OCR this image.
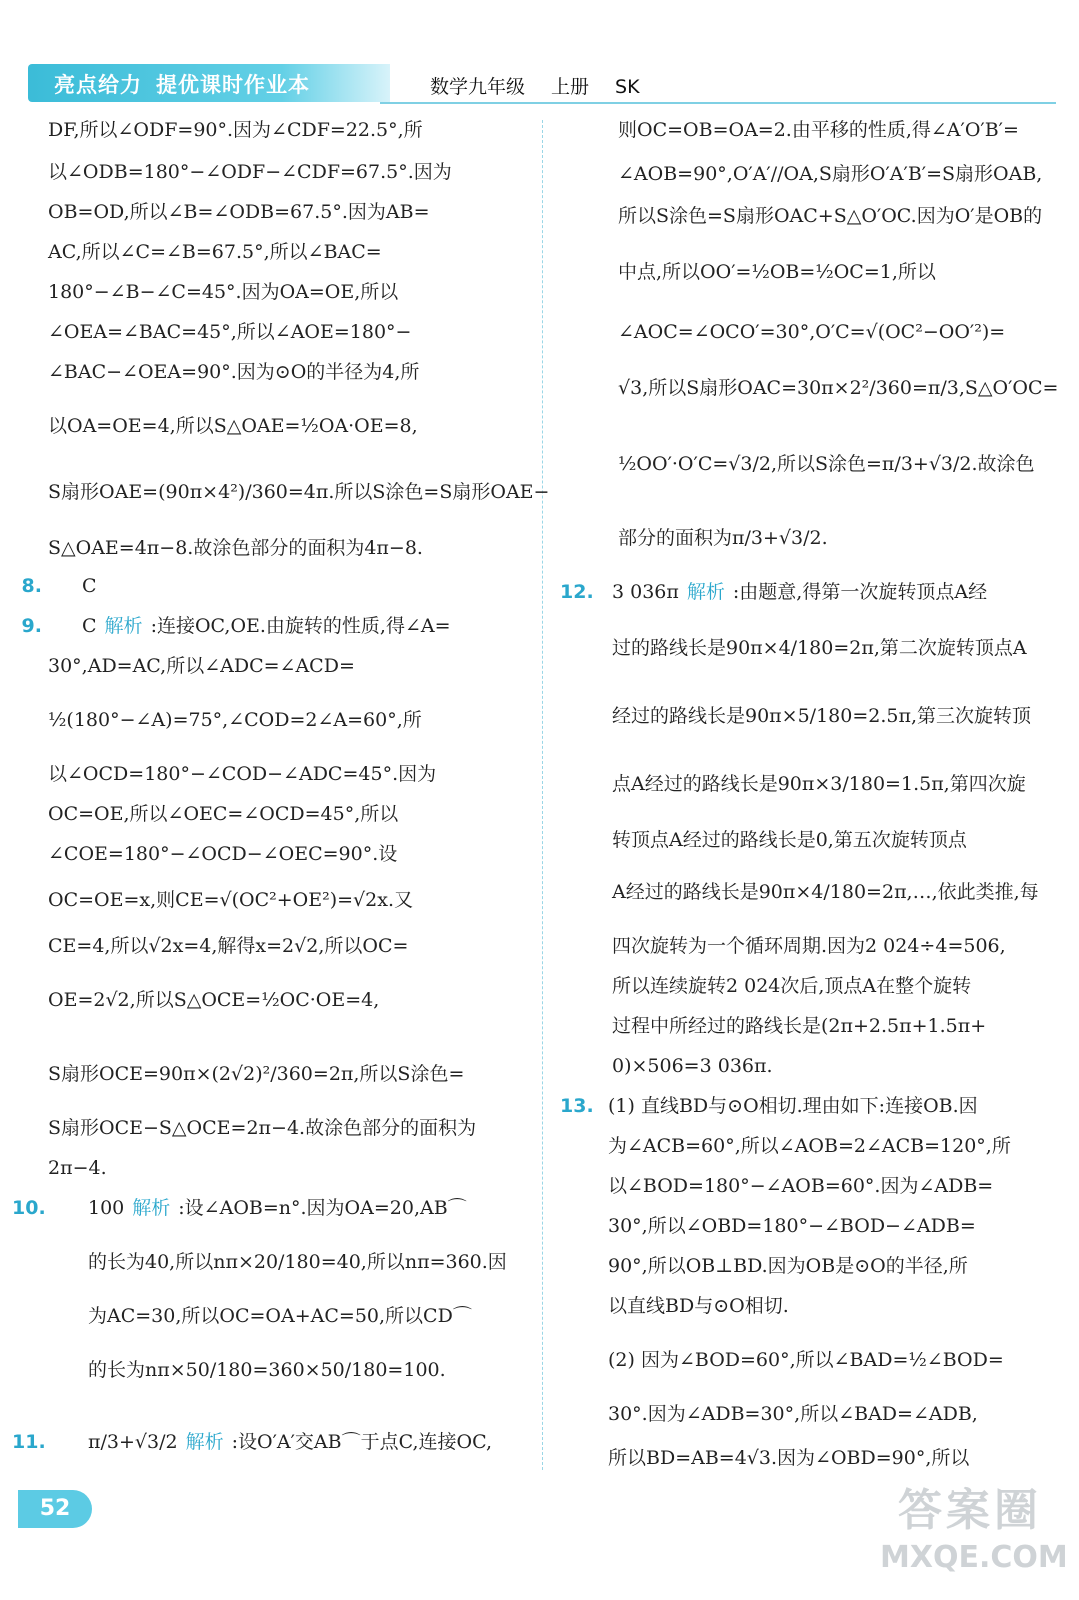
亮点给力 提优课时作业本	数学九年级 上册 SK
DF,所以∠ODF=90°.因为∠CDF=22.5°,所
以∠ODB=180°−∠ODF−∠CDF=67.5°.因为
OB=OD,所以∠B=∠ODB=67.5°.因为AB=
AC,所以∠C=∠B=67.5°,所以∠BAC=
180°−∠B−∠C=45°.因为OA=OE,所以
∠OEA=∠BAC=45°,所以∠AOE=180°−
∠BAC−∠OEA=90°.因为⊙O的半径为4,所
以OA=OE=4,所以S△OAE=½OA·OE=8,
S扇形OAE=(90π×4²)/360=4π.所以S涂色=S扇形OAE−
S△OAE=4π−8.故涂色部分的面积为4π−8.
8. C
9. C 解析 :连接OC,OE.由旋转的性质,得∠A=
30°,AD=AC,所以∠ADC=∠ACD=
½(180°−∠A)=75°,∠COD=2∠A=60°,所
以∠OCD=180°−∠COD−∠ADC=45°.因为
OC=OE,所以∠OEC=∠OCD=45°,所以
∠COE=180°−∠OCD−∠OEC=90°.设
OC=OE=x,则CE=√(OC²+OE²)=√2x.又
CE=4,所以√2x=4,解得x=2√2,所以OC=
OE=2√2,所以S△OCE=½OC·OE=4,
S扇形OCE=90π×(2√2)²/360=2π,所以S涂色=
S扇形OCE−S△OCE=2π−4.故涂色部分的面积为
2π−4.
10. 100 解析 :设∠AOB=n°.因为OA=20,AB⌒
的长为40,所以nπ×20/180=40,所以nπ=360.因
为AC=30,所以OC=OA+AC=50,所以CD⌒
的长为nπ×50/180=360×50/180=100.
11. π/3+√3/2 解析 :设O′A′交AB⌒于点C,连接OC,
则OC=OB=OA=2.由平移的性质,得∠A′O′B′=
∠AOB=90°,O′A′//OA,S扇形O′A′B′=S扇形OAB,
所以S涂色=S扇形OAC+S△O′OC.因为O′是OB的
中点,所以OO′=½OB=½OC=1,所以
∠AOC=∠OCO′=30°,O′C=√(OC²−OO′²)=
√3,所以S扇形OAC=30π×2²/360=π/3,S△O′OC=
½OO′·O′C=√3/2,所以S涂色=π/3+√3/2.故涂色
部分的面积为π/3+√3/2.
12. 3 036π 解析 :由题意,得第一次旋转顶点A经
过的路线长是90π×4/180=2π,第二次旋转顶点A
经过的路线长是90π×5/180=2.5π,第三次旋转顶
点A经过的路线长是90π×3/180=1.5π,第四次旋
转顶点A经过的路线长是0,第五次旋转顶点
A经过的路线长是90π×4/180=2π,…,依此类推,每
四次旋转为一个循环周期.因为2 024÷4=506,
所以连续旋转2 024次后,顶点A在整个旋转
过程中所经过的路线长是(2π+2.5π+1.5π+
0)×506=3 036π.
13. (1) 直线BD与⊙O相切.理由如下:连接OB.因
为∠ACB=60°,所以∠AOB=2∠ACB=120°,所
以∠BOD=180°−∠AOB=60°.因为∠ADB=
30°,所以∠OBD=180°−∠BOD−∠ADB=
90°,所以OB⊥BD.因为OB是⊙O的半径,所
以直线BD与⊙O相切.
(2) 因为∠BOD=60°,所以∠BAD=½∠BOD=
30°.因为∠ADB=30°,所以∠BAD=∠ADB,
所以BD=AB=4√3.因为∠OBD=90°,所以
52	答案圈
MXQE.COM
